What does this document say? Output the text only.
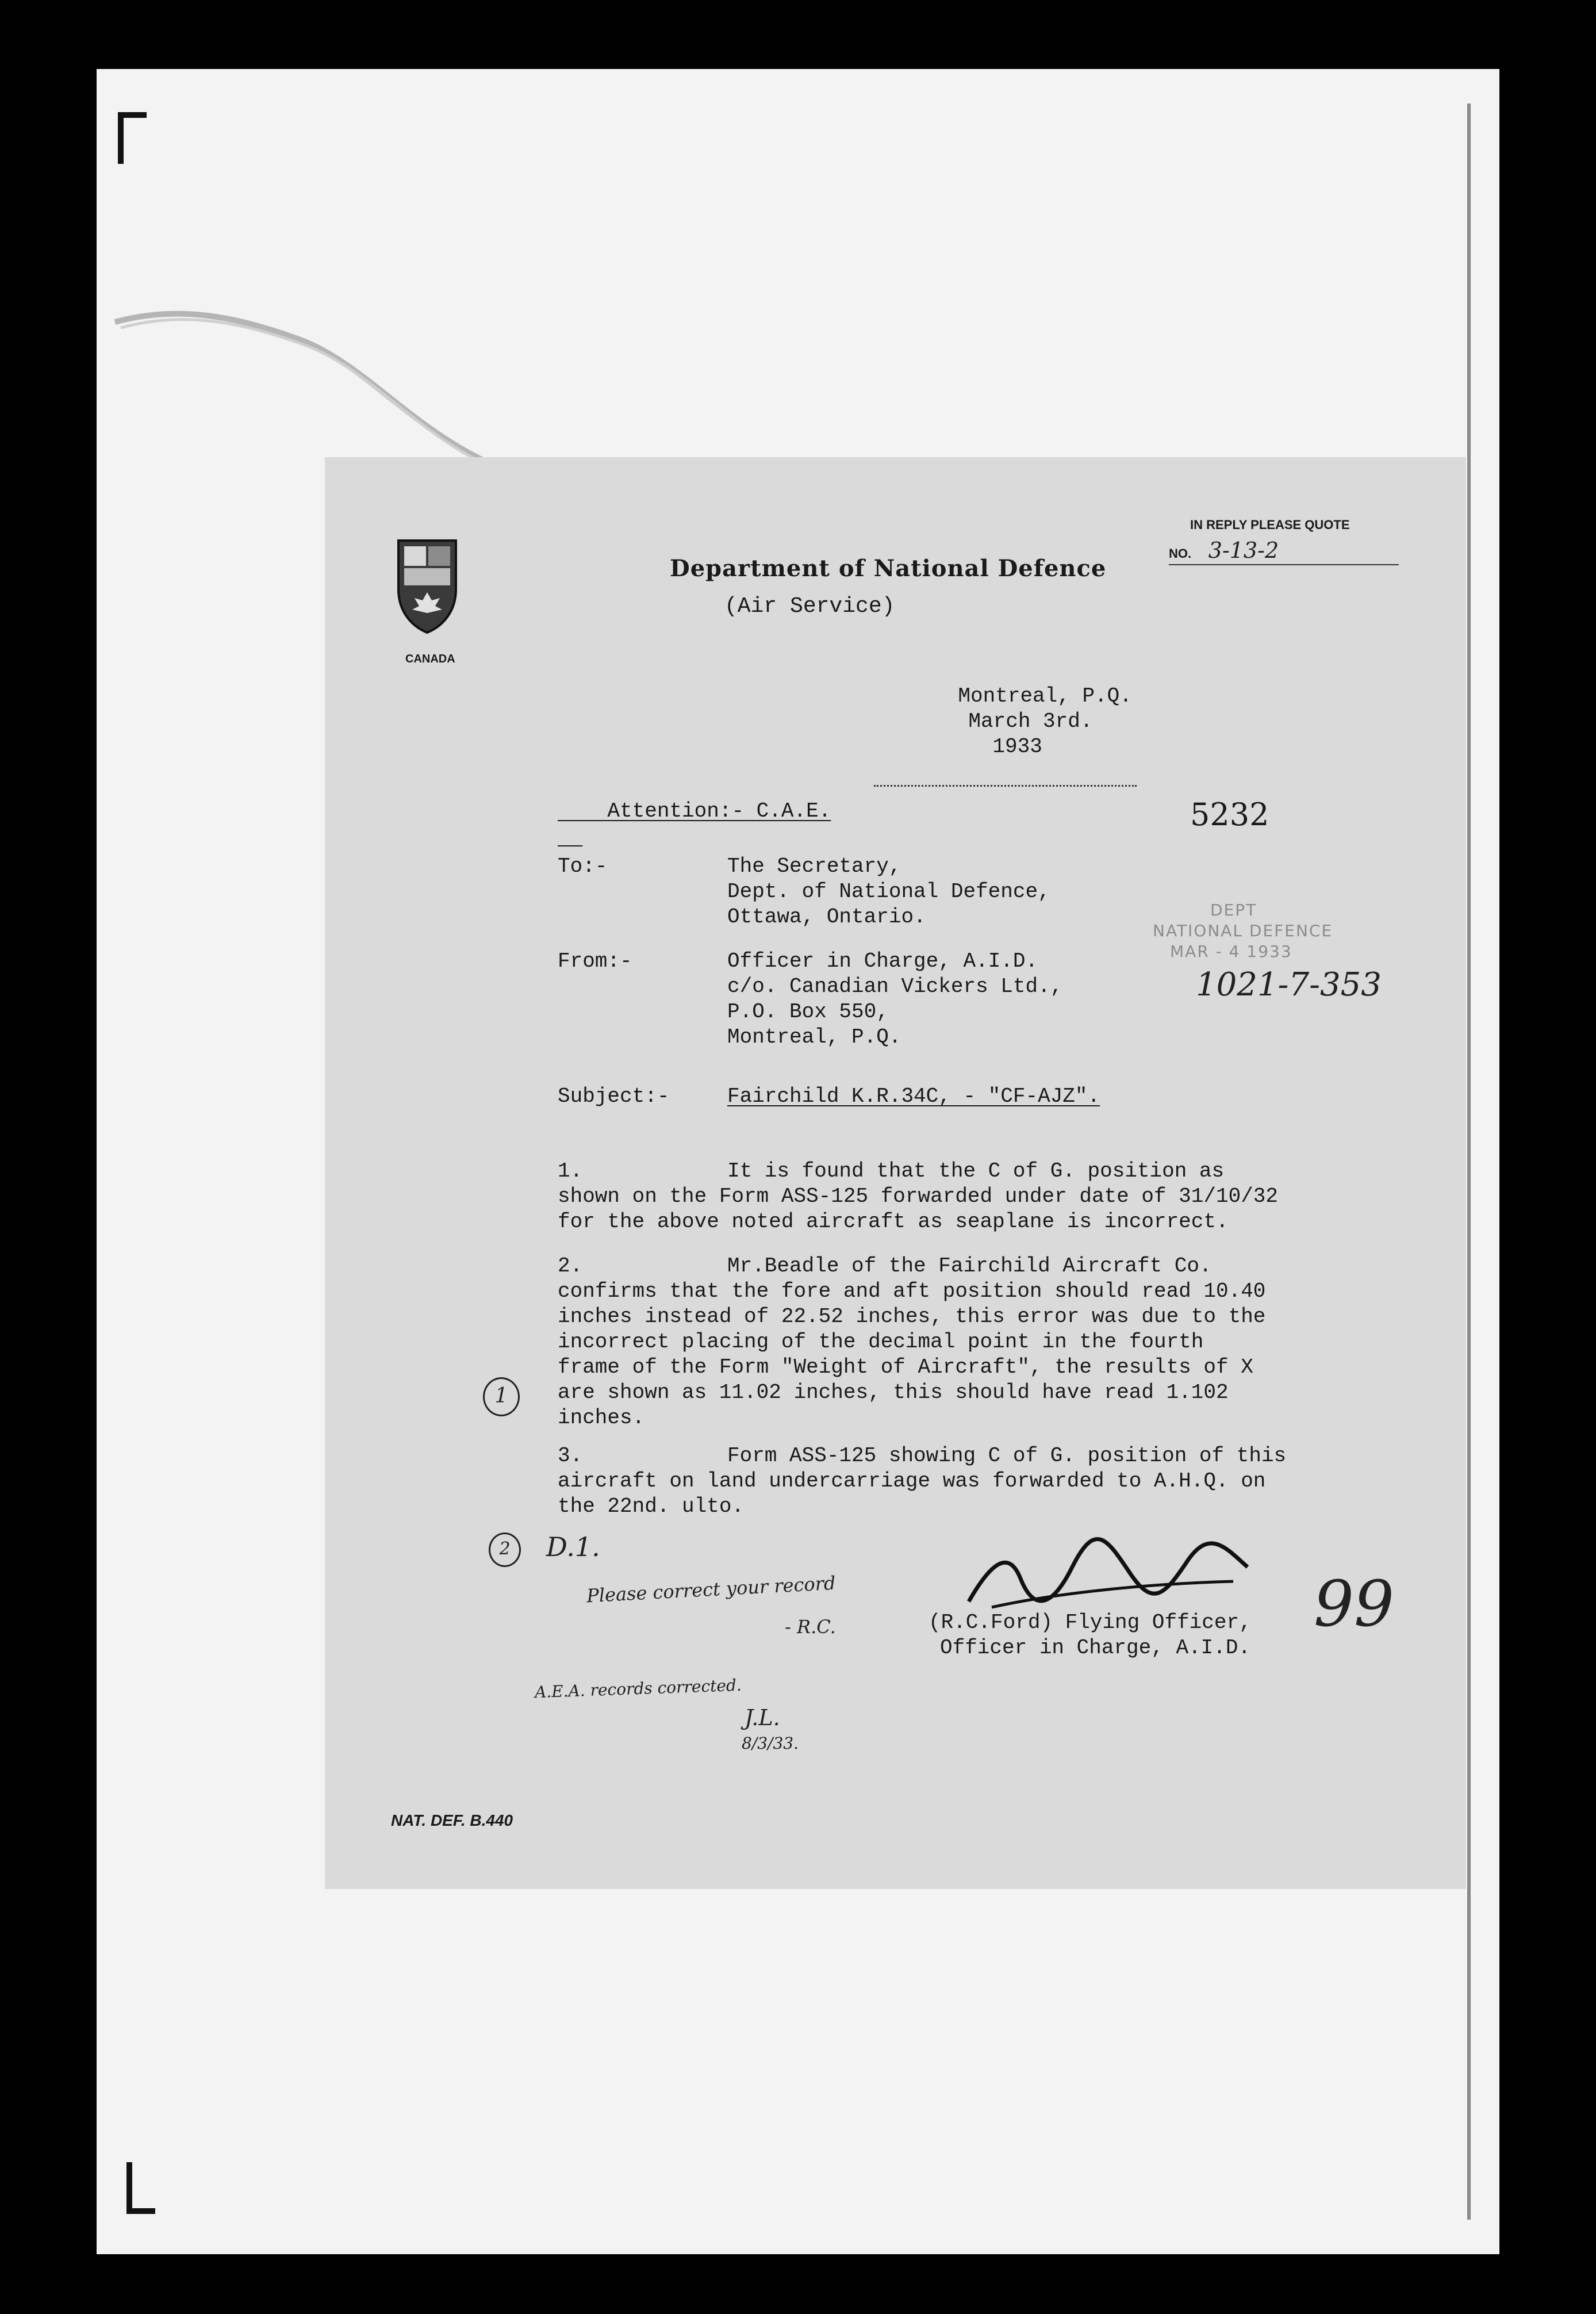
CANADA
IN REPLY PLEASE QUOTE
NO. 3-13-2
Department of National Defence
(Air Service)

Montreal, P.Q.
March 3rd.
1933

Attention:- C.A.E.
	5232
To:-	The Secretary,
Dept. of National Defence,
Ottawa, Ontario.	DEPT
NATIONAL DEFENCE
MAR - 4 1933
1021-7-353
From:-	Officer in Charge, A.I.D.
c/o. Canadian Vickers Ltd.,
P.O. Box 550,
Montreal, P.Q.
Subject:-	Fairchild K.R.34C, - "CF-AJZ".
1.	It is found that the C of G. position as
shown on the Form ASS-125 forwarded under date of 31/10/32
for the above noted aircraft as seaplane is incorrect.
2.	Mr.Beadle of the Fairchild Aircraft Co.
confirms that the fore and aft position should read 10.40
inches instead of 22.52 inches, this error was due to the
incorrect placing of the decimal point in the fourth
frame of the Form "Weight of Aircraft", the results of X
are shown as 11.02 inches, this should have read 1.102
inches.
1
3.	Form ASS-125 showing C of G. position of this
aircraft on land undercarriage was forwarded to A.H.Q. on
the 22nd. ulto.
2	D.1.
Please correct your record
- R.C.	(R.C.Ford) Flying Officer,
Officer in Charge, A.I.D.
99
A.E.A. records corrected.
J.L.
8/3/33.
NAT. DEF. B.440
